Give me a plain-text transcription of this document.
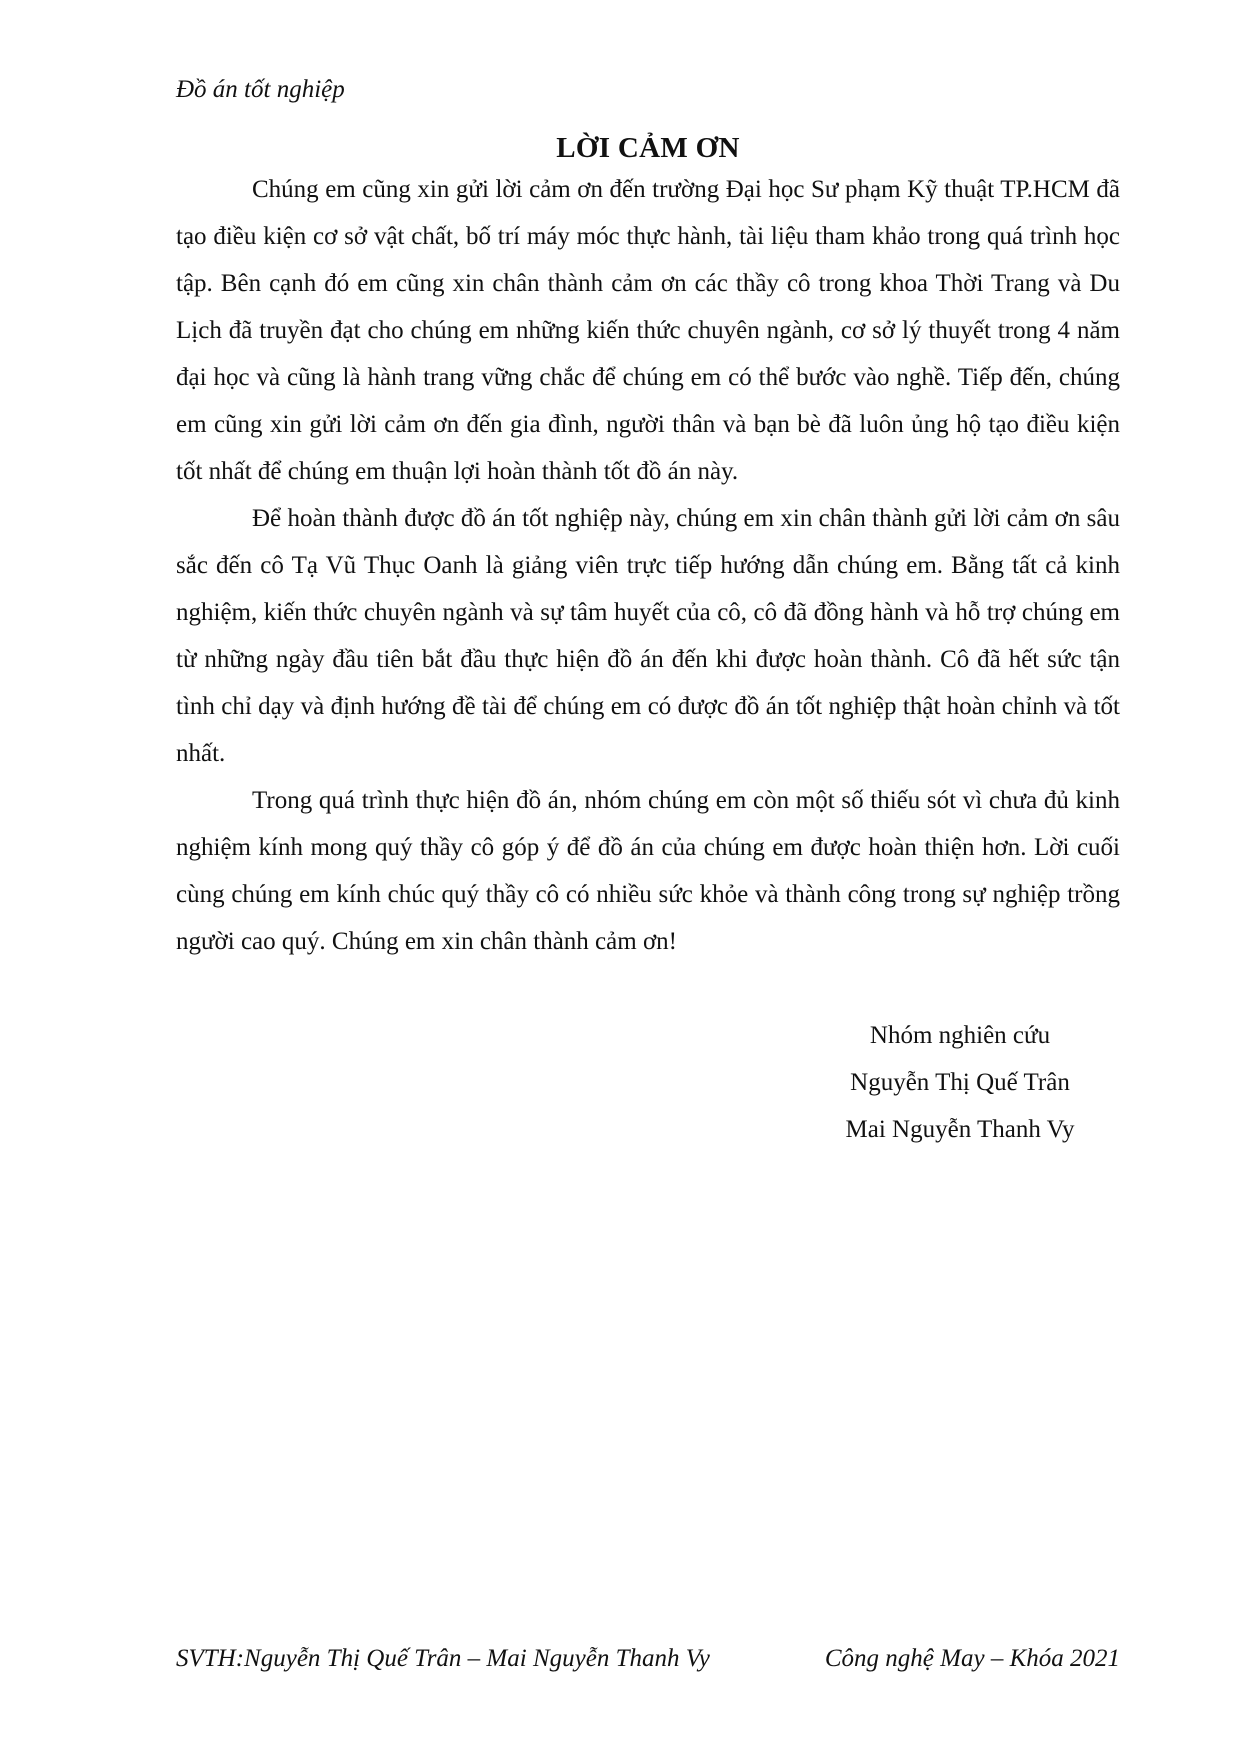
Đồ án tốt nghiệp
LỜI CẢM ƠN

Chúng em cũng xin gửi lời cảm ơn đến trường Đại học Sư phạm Kỹ thuật TP.HCM đã tạo điều kiện cơ sở vật chất, bố trí máy móc thực hành, tài liệu tham khảo trong quá trình học tập. Bên cạnh đó em cũng xin chân thành cảm ơn các thầy cô trong khoa Thời Trang và Du Lịch đã truyền đạt cho chúng em những kiến thức chuyên ngành, cơ sở lý thuyết trong 4 năm đại học và cũng là hành trang vững chắc để chúng em có thể bước vào nghề. Tiếp đến, chúng em cũng xin gửi lời cảm ơn đến gia đình, người thân và bạn bè đã luôn ủng hộ tạo điều kiện tốt nhất để chúng em thuận lợi hoàn thành tốt đồ án này.

Để hoàn thành được đồ án tốt nghiệp này, chúng em xin chân thành gửi lời cảm ơn sâu sắc đến cô Tạ Vũ Thục Oanh là giảng viên trực tiếp hướng dẫn chúng em. Bằng tất cả kinh nghiệm, kiến thức chuyên ngành và sự tâm huyết của cô, cô đã đồng hành và hỗ trợ chúng em từ những ngày đầu tiên bắt đầu thực hiện đồ án đến khi được hoàn thành. Cô đã hết sức tận tình chỉ dạy và định hướng đề tài để chúng em có được đồ án tốt nghiệp thật hoàn chỉnh và tốt nhất.

Trong quá trình thực hiện đồ án, nhóm chúng em còn một số thiếu sót vì chưa đủ kinh nghiệm kính mong quý thầy cô góp ý để đồ án của chúng em được hoàn thiện hơn. Lời cuối cùng chúng em kính chúc quý thầy cô có nhiều sức khỏe và thành công trong sự nghiệp trồng người cao quý. Chúng em xin chân thành cảm ơn!

Nhóm nghiên cứu
Nguyễn Thị Quế Trân
Mai Nguyễn Thanh Vy
SVTH:Nguyễn Thị Quế Trân – Mai Nguyễn Thanh Vy	Công nghệ May – Khóa 2021
